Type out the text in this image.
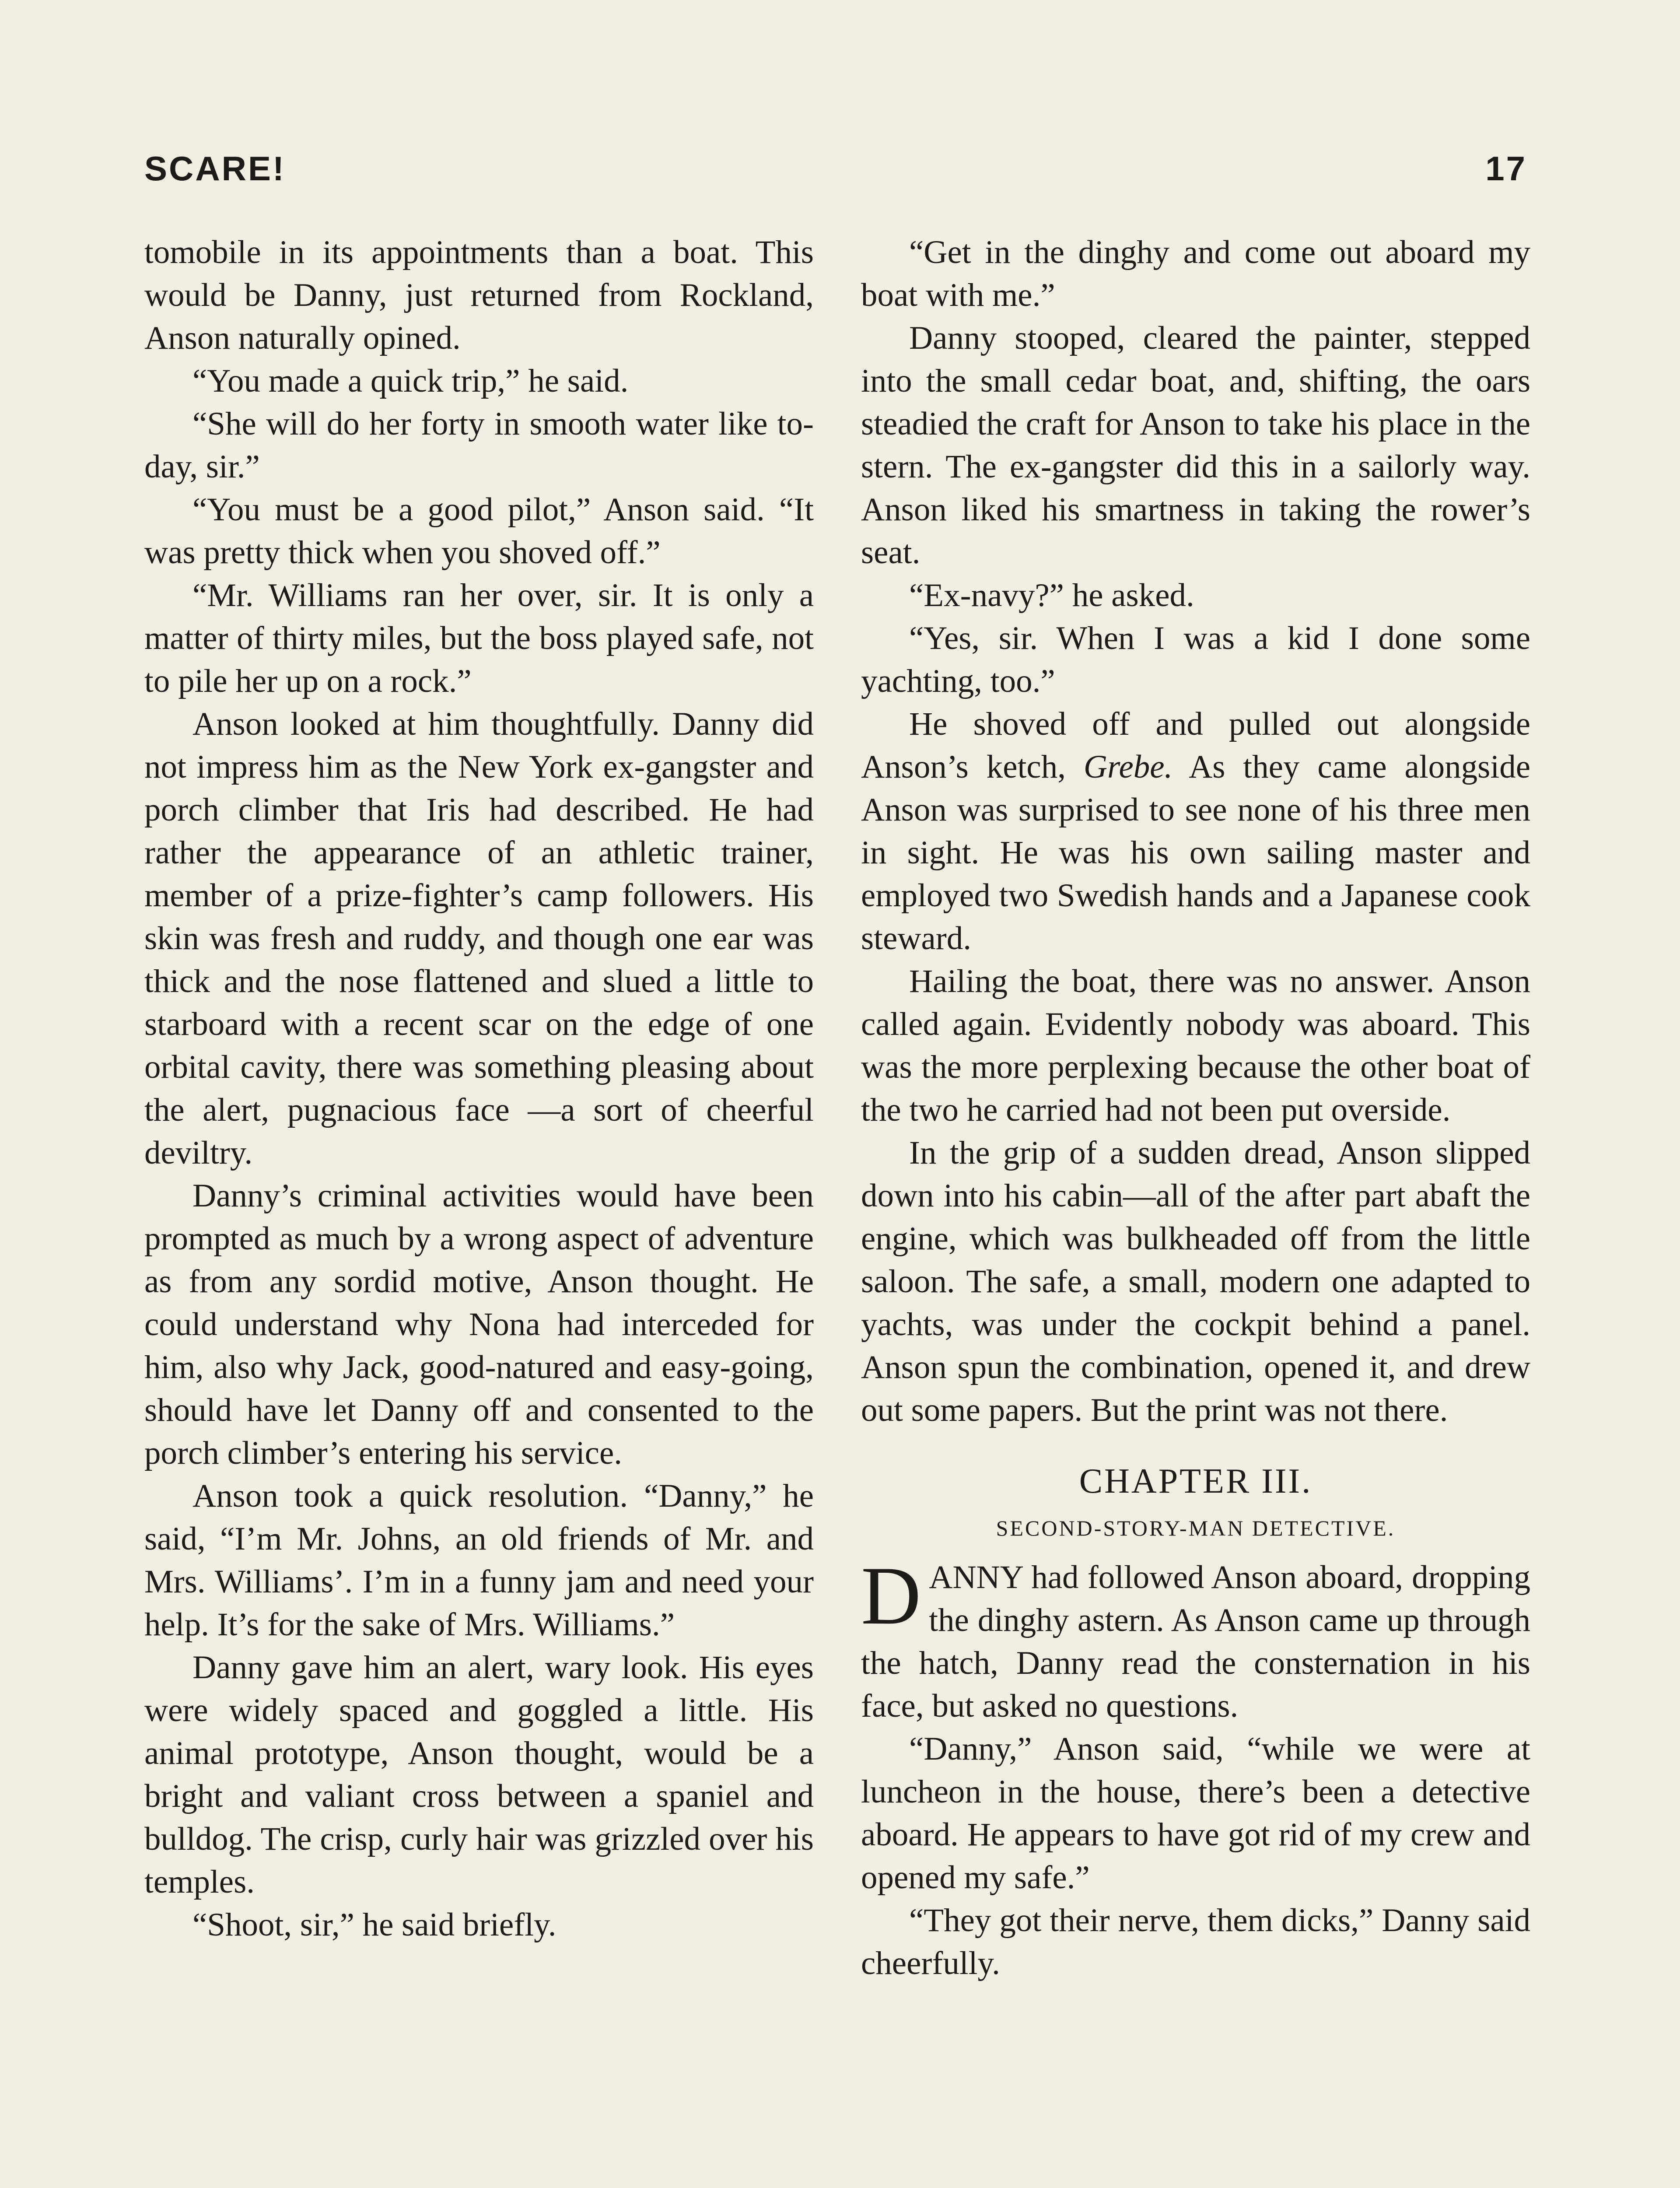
SCARE!	17

tomobile in its appointments than a boat. This would be Danny, just returned from Rockland, Anson naturally opined.

“You made a quick trip,” he said.

“She will do her forty in smooth water like to-day, sir.”

“You must be a good pilot,” Anson said. “It was pretty thick when you shoved off.”

“Mr. Williams ran her over, sir. It is only a matter of thirty miles, but the boss played safe, not to pile her up on a rock.”

Anson looked at him thoughtfully. Danny did not impress him as the New York ex-gangster and porch climber that Iris had described. He had rather the appearance of an athletic trainer, member of a prize-fighter’s camp followers. His skin was fresh and ruddy, and though one ear was thick and the nose flattened and slued a little to starboard with a recent scar on the edge of one orbital cavity, there was something pleasing about the alert, pugnacious face —a sort of cheerful deviltry.

Danny’s criminal activities would have been prompted as much by a wrong aspect of adventure as from any sordid motive, Anson thought. He could understand why Nona had interceded for him, also why Jack, good-natured and easy-going, should have let Danny off and consented to the porch climber’s entering his service.

Anson took a quick resolution. “Danny,” he said, “I’m Mr. Johns, an old friends of Mr. and Mrs. Williams’. I’m in a funny jam and need your help. It’s for the sake of Mrs. Williams.”

Danny gave him an alert, wary look. His eyes were widely spaced and goggled a little. His animal prototype, Anson thought, would be a bright and valiant cross between a spaniel and bulldog. The crisp, curly hair was grizzled over his temples.

“Shoot, sir,” he said briefly.

“Get in the dinghy and come out aboard my boat with me.”

Danny stooped, cleared the painter, stepped into the small cedar boat, and, shifting, the oars steadied the craft for Anson to take his place in the stern. The ex-gangster did this in a sailorly way. Anson liked his smartness in taking the rower’s seat.

“Ex-navy?” he asked.

“Yes, sir. When I was a kid I done some yachting, too.”

He shoved off and pulled out alongside Anson’s ketch, Grebe. As they came alongside Anson was surprised to see none of his three men in sight. He was his own sailing master and employed two Swedish hands and a Japanese cook steward.

Hailing the boat, there was no answer. Anson called again. Evidently nobody was aboard. This was the more perplexing because the other boat of the two he carried had not been put overside.

In the grip of a sudden dread, Anson slipped down into his cabin—all of the after part abaft the engine, which was bulkheaded off from the little saloon. The safe, a small, modern one adapted to yachts, was under the cockpit behind a panel. Anson spun the combination, opened it, and drew out some papers. But the print was not there.

CHAPTER III.
SECOND-STORY-MAN DETECTIVE.

DANNY had followed Anson aboard, dropping the dinghy astern. As Anson came up through the hatch, Danny read the consternation in his face, but asked no questions.

“Danny,” Anson said, “while we were at luncheon in the house, there’s been a detective aboard. He appears to have got rid of my crew and opened my safe.”

“They got their nerve, them dicks,” Danny said cheerfully.
